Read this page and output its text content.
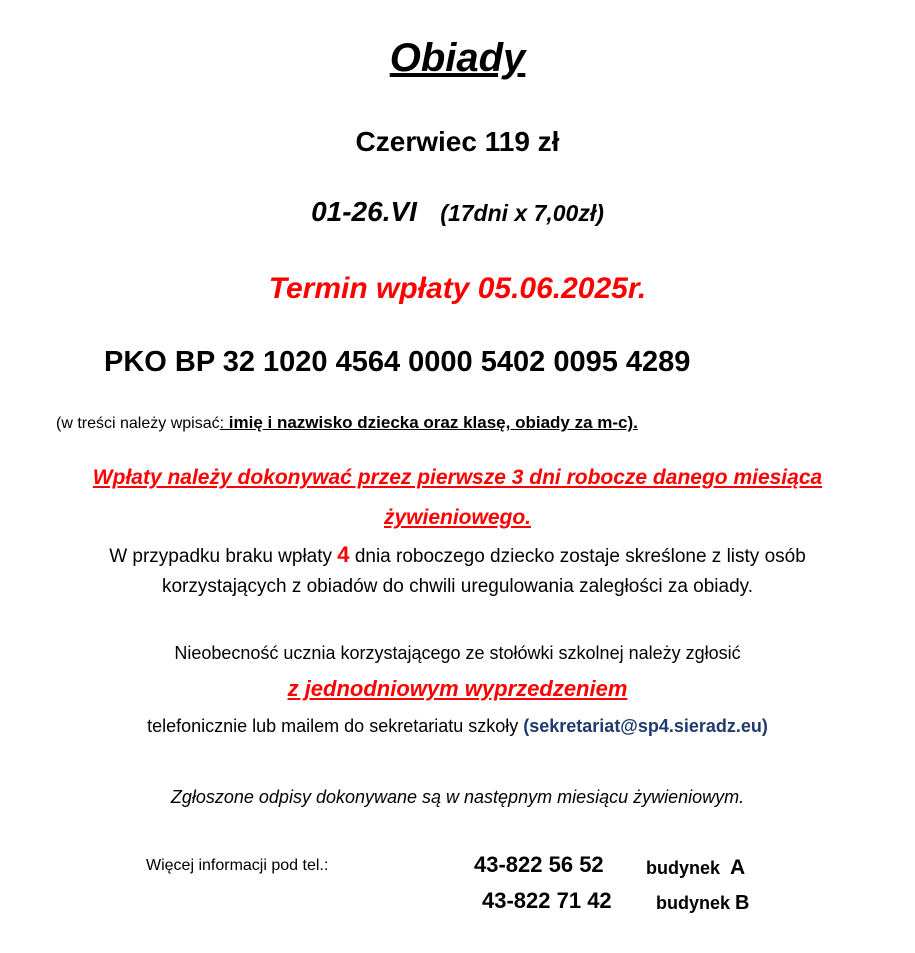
Obiady
Czerwiec 119 zł
01-26.VI (17dni x 7,00zł)
Termin wpłaty 05.06.2025r.
PKO BP 32 1020 4564 0000 5402 0095 4289
(w treści należy wpisać: imię i nazwisko dziecka oraz klasę, obiady za m-c).
Wpłaty należy dokonywać przez pierwsze 3 dni robocze danego miesiąca
żywieniowego.
W przypadku braku wpłaty 4 dnia roboczego dziecko zostaje skreślone z listy osób
korzystających z obiadów do chwili uregulowania zaległości za obiady.
Nieobecność ucznia korzystającego ze stołówki szkolnej należy zgłosić
z jednodniowym wyprzedzeniem
telefonicznie lub mailem do sekretariatu szkoły (sekretariat@sp4.sieradz.eu)
Zgłoszone odpisy dokonywane są w następnym miesiącu żywieniowym.
Więcej informacji pod tel.:	43-822 56 52 budynek A
43-822 71 42 budynek B
